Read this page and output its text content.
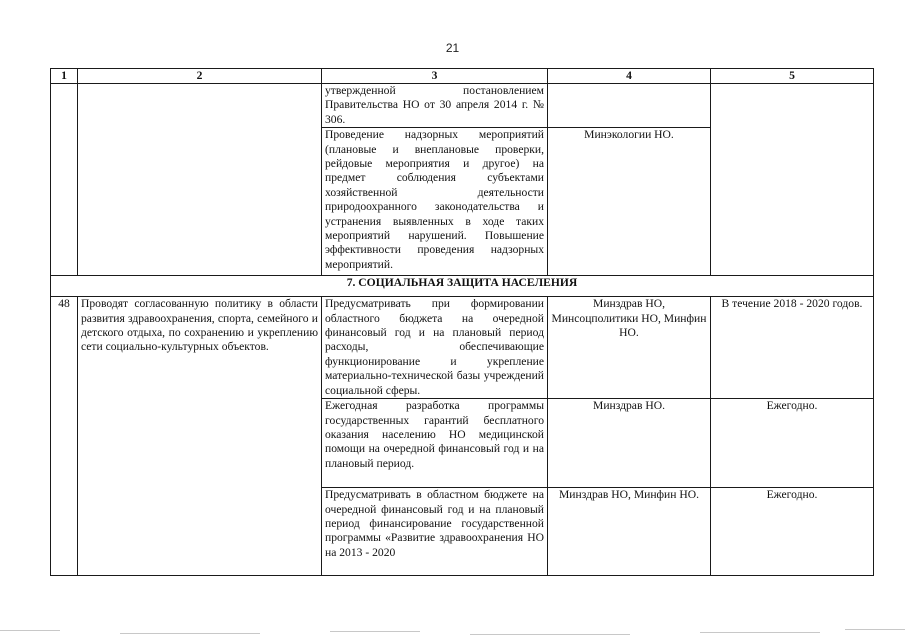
21
1	2	3	4	5
		утвержденной постановлением Правительства НО от 30 апреля 2014 г. № 306.		
		Проведение надзорных мероприятий (плановые и внеплановые проверки, рейдовые мероприятия и другое) на предмет соблюдения субъектами хозяйственной деятельности природоохранного законодательства и устранения выявленных в ходе таких мероприятий нарушений. Повышение эффективности проведения надзорных мероприятий.	Минэкологии НО.	
7. СОЦИАЛЬНАЯ ЗАЩИТА НАСЕЛЕНИЯ				
48	Проводят согласованную политику в области развития здравоохранения, спорта, семейного и детского отдыха, по сохранению и укреплению сети социально-культурных объектов.	Предусматривать при формировании областного бюджета на очередной финансовый год и на плановый период расходы, обеспечивающие функционирование и укрепление материально-технической базы учреждений социальной сферы.	Минздрав НО, Минсоцполитики НО, Минфин НО.	В течение 2018 - 2020 годов.
		Ежегодная разработка программы государственных гарантий бесплатного оказания населению НО медицинской помощи на очередной финансовый год и на плановый период.	Минздрав НО.	Ежегодно.
		Предусматривать в областном бюджете на очередной финансовый год и на плановый период финансирование государственной программы «Развитие здравоохранения НО на 2013 - 2020	Минздрав НО, Минфин НО.	Ежегодно.
